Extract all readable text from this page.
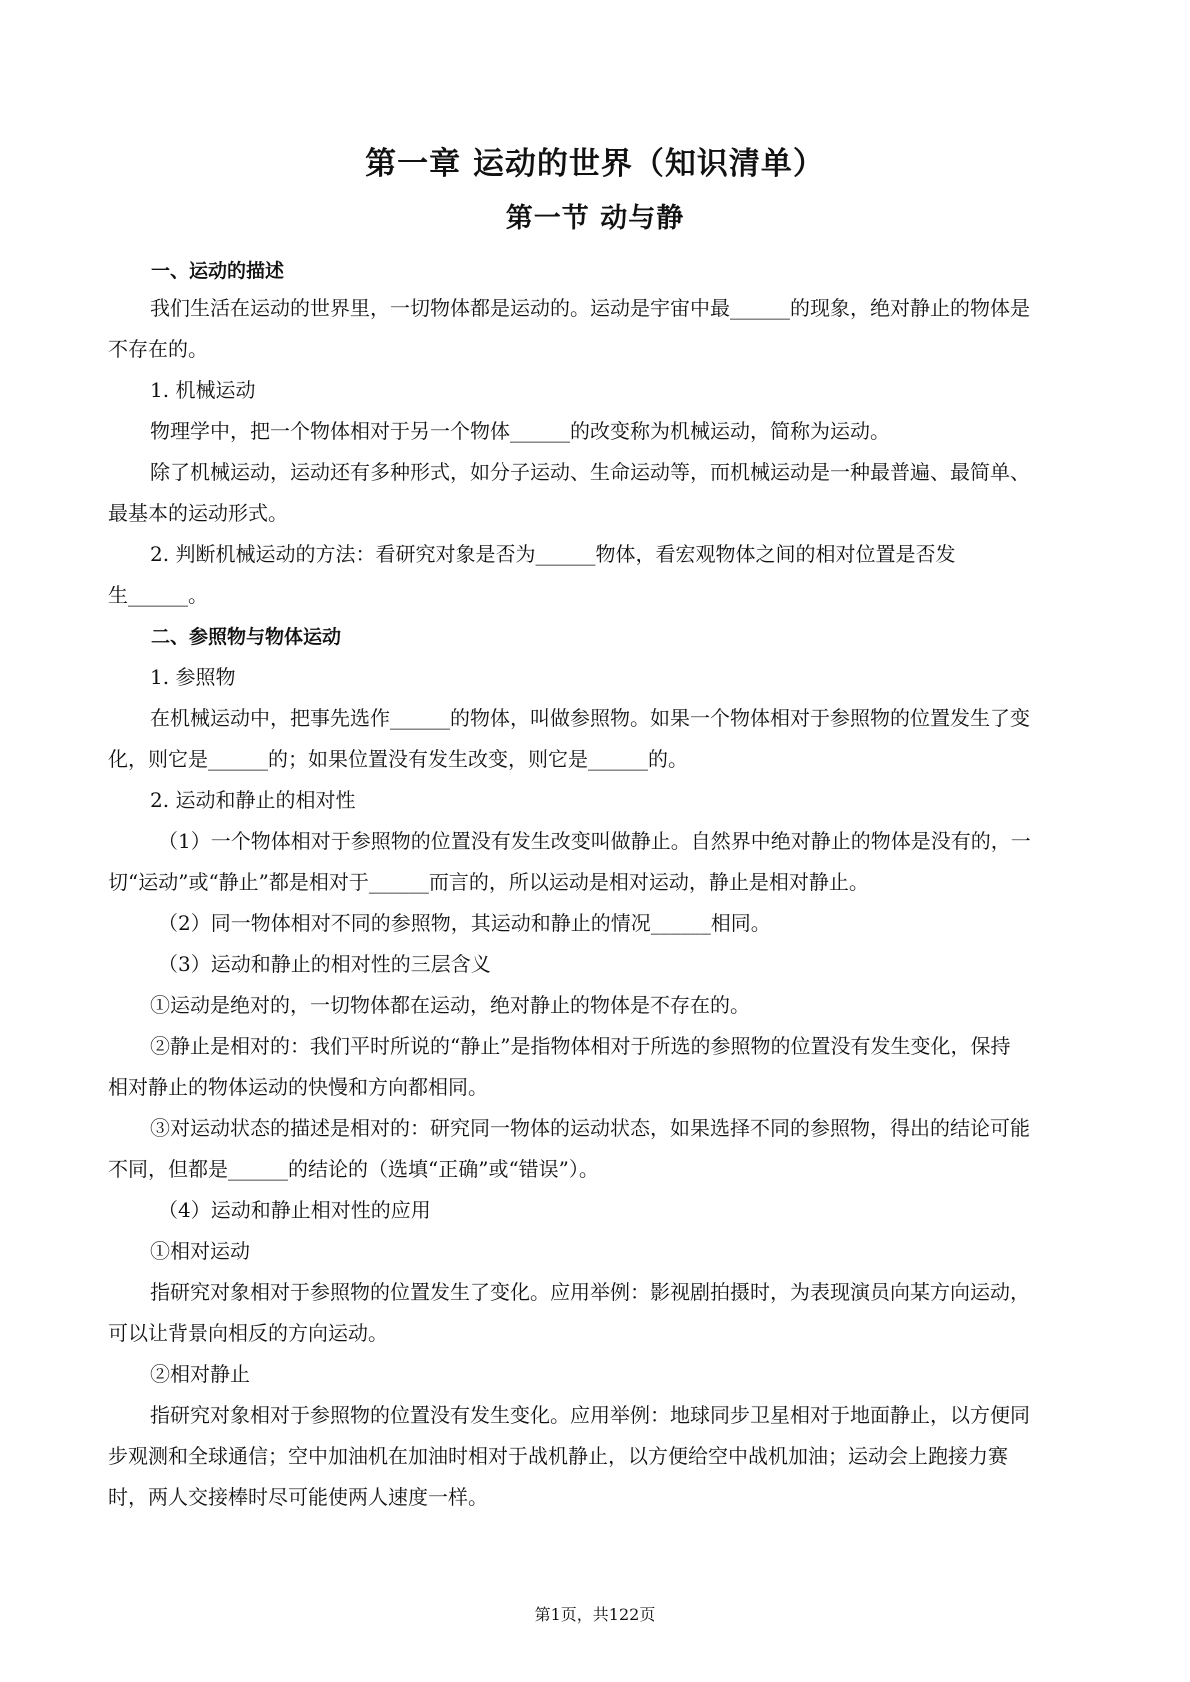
第一章 运动的世界（知识清单）
第一节 动与静
一、运动的描述
我们生活在运动的世界里，一切物体都是运动的。运动是宇宙中最______的现象，绝对静止的物体是
不存在的。
1. 机械运动
物理学中，把一个物体相对于另一个物体______的改变称为机械运动，简称为运动。
除了机械运动，运动还有多种形式，如分子运动、生命运动等，而机械运动是一种最普遍、最简单、
最基本的运动形式。
2. 判断机械运动的方法：看研究对象是否为______物体，看宏观物体之间的相对位置是否发
生______。
二、参照物与物体运动
1. 参照物
在机械运动中，把事先选作______的物体，叫做参照物。如果一个物体相对于参照物的位置发生了变
化，则它是______的；如果位置没有发生改变，则它是______的。
2. 运动和静止的相对性
（1）一个物体相对于参照物的位置没有发生改变叫做静止。自然界中绝对静止的物体是没有的，一
切“运动”或“静止”都是相对于______而言的，所以运动是相对运动，静止是相对静止。
（2）同一物体相对不同的参照物，其运动和静止的情况______相同。
（3）运动和静止的相对性的三层含义
①运动是绝对的，一切物体都在运动，绝对静止的物体是不存在的。
②静止是相对的：我们平时所说的“静止”是指物体相对于所选的参照物的位置没有发生变化，保持
相对静止的物体运动的快慢和方向都相同。
③对运动状态的描述是相对的：研究同一物体的运动状态，如果选择不同的参照物，得出的结论可能
不同，但都是______的结论的（选填“正确”或“错误”）。
（4）运动和静止相对性的应用
①相对运动
指研究对象相对于参照物的位置发生了变化。应用举例：影视剧拍摄时，为表现演员向某方向运动，
可以让背景向相反的方向运动。
②相对静止
指研究对象相对于参照物的位置没有发生变化。应用举例：地球同步卫星相对于地面静止，以方便同
步观测和全球通信；空中加油机在加油时相对于战机静止，以方便给空中战机加油；运动会上跑接力赛
时，两人交接棒时尽可能使两人速度一样。
第1页，共122页
